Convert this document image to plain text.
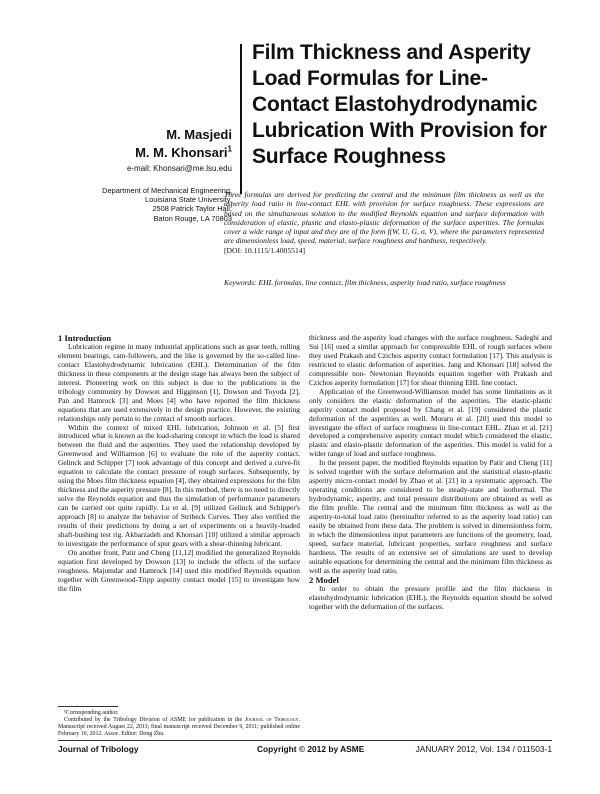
Film Thickness and Asperity Load Formulas for Line-Contact Elastohydrodynamic Lubrication With Provision for Surface Roughness
M. Masjedi
M. M. Khonsari$^1$
e-mail: Khonsari@me.lsu.edu
Department of Mechanical Engineering,
Louisiana State University,
2508 Patrick Taylor Hall,
Baton Rouge, LA 70803
Three formulas are derived for predicting the central and the minimum film thickness as well as the asperity load ratio in line-contact EHL with provision for surface roughness. These expressions are based on the simultaneous solution to the modified Reynolds equation and surface deformation with consideration of elastic, plastic and elasto-plastic deformation of the surface asperities. The formulas cover a wide range of input and they are of the form f(W, U, G, σ, V), where the parameters represented are dimensionless load, speed, material, surface roughness and hardness, respectively.
[DOI: 10.1115/1.4005514]
Keywords: EHL formulas, line contact, film thickness, asperity load ratio, surface roughness

1 Introduction

Lubrication regime in many industrial applications such as gear teeth, rolling element bearings, cam-followers, and the like is governed by the so-called line-contact Elastohydrodynamic lubrication (EHL). Determination of the film thickness in these components at the design stage has always been the subject of interest. Pioneering work on this subject is due to the publications in the tribology community by Dowson and Higginson [1], Dowson and Toyoda [2], Pan and Hamrock [3] and Moes [4] who have reported the film thickness equations that are used extensively in the design practice. However, the existing relationships only pertain to the contact of smooth surfaces.

Within the context of mixed EHL lubrication, Johnson et al. [5] first introduced what is known as the load-sharing concept in which the load is shared between the fluid and the asperities. They used the relationship developed by Greenwood and Williamson [6] to evaluate the role of the asperity contact. Gelinck and Schipper [7] took advantage of this concept and derived a curve-fit equation to calculate the contact pressure of rough surfaces. Subsequently, by using the Moes film thickness equation [4], they obtained expressions for the film thickness and the asperity pressure [8]. In this method, there is no need to directly solve the Reynolds equation and thus the simulation of performance parameters can be carried out quite rapidly. Lu et al. [9] utilized Gelinck and Schipper's approach [8] to analyze the behavior of Stribeck Curves. They also verified the results of their predictions by doing a set of experiments on a heavily-loaded shaft-bushing test rig. Akbarzadeh and Khonsari [10] utilized a similar approach to investigate the performance of spur gears with a shear-thinning lubricant.

On another front, Patir and Cheng [11,12] modified the generalized Reynolds equation first developed by Dowson [13] to include the effects of the surface roughness. Majumdar and Hamrock [14] used this modified Reynolds equation together with Greenwood-Tripp asperity contact model [15] to investigate how the film

thickness and the asperity load changes with the surface roughness. Sadeghi and Sui [16] used a similar approach for compressible EHL of rough surfaces where they used Prakash and Czichos asperity contact formulation [17]. This analysis is restricted to elastic deformation of asperities. Jang and Khonsari [18] solved the compressible non- Newtonian Reynolds equation together with Prakash and Czichos asperity formulation [17] for shear thinning EHL line contact.

Application of the Greenwood-Williamson model has some limitations as it only considers the elastic deformation of the asperities. The elastic-plastic asperity contact model proposed by Chang et al. [19] considered the plastic deformation of the asperities as well. Moraru et al. [20] used this model to investigate the effect of surface roughness in line-contact EHL. Zhao et al. [21] developed a comprehensive asperity contact model which considered the elastic, plastic and elasto-plastic deformation of the asperities. This model is valid for a wider range of load and surface roughness.

In the present paper, the modified Reynolds equation by Patir and Cheng [11] is solved together with the surface deformation and the statistical elasto-plastic asperity micro-contact model by Zhao et al. [21] in a systematic approach. The operating conditions are considered to be steady-state and isothermal. The hydrodynamic, asperity, and total pressure distributions are obtained as well as the film profile. The central and the minimum film thickness as well as the asperity-to-total load ratio (hereinafter referred to as the asperity load ratio) can easily be obtained from these data. The problem is solved in dimensionless form, in which the dimensionless input parameters are functions of the geometry, load, speed, surface material, lubricant properties, surface roughness and surface hardness. The results of an extensive set of simulations are used to develop suitable equations for determining the central and the minimum film thickness as well as the asperity load ratio.

2 Model

In order to obtain the pressure profile and the film thickness in elastohydrodynamic lubrication (EHL), the Reynolds equation should be solved together with the deformation of the surfaces.

¹Corresponding author.

Contributed by the Tribology Division of ASME for publication in the Journal of Tribology. Manuscript received August 22, 2011; final manuscript received December 9, 2011; published online February 10, 2012. Assoc. Editor: Dong Zhu.

Journal of Tribology	Copyright © 2012 by ASME	JANUARY 2012, Vol. 134 / 011503-1
